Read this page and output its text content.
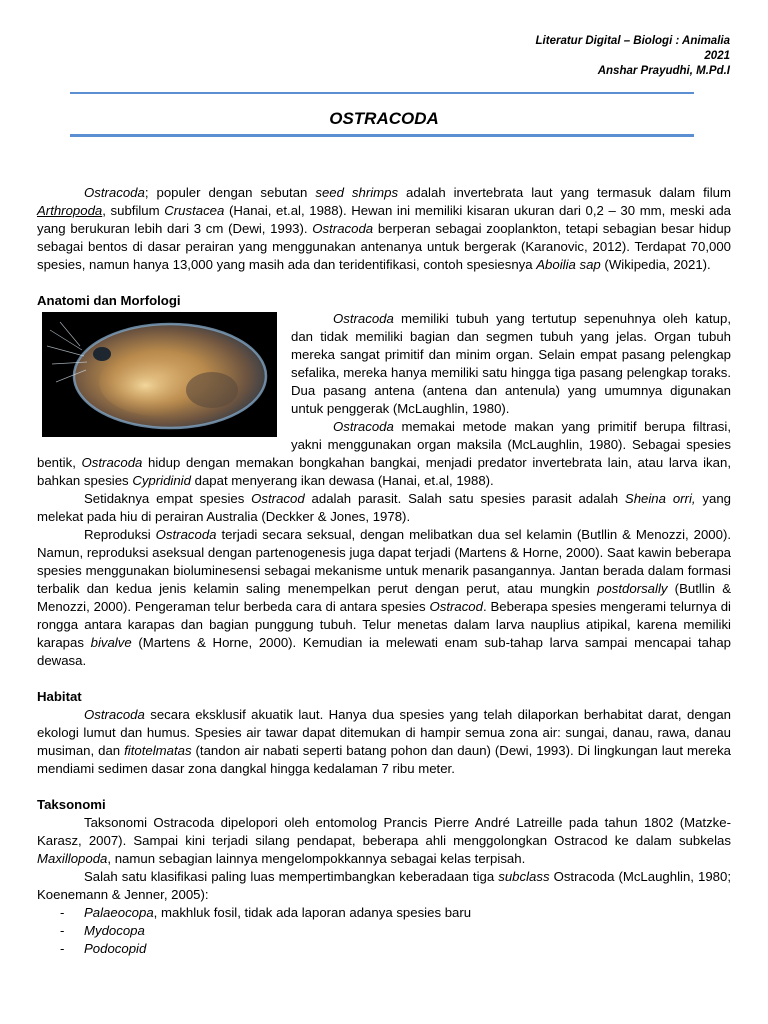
Literatur Digital – Biologi : Animalia
2021
Anshar Prayudhi, M.Pd.I
OSTRACODA

Ostracoda; populer dengan sebutan seed shrimps adalah invertebrata laut yang termasuk dalam filum Arthropoda, subfilum Crustacea (Hanai, et.al, 1988). Hewan ini memiliki kisaran ukuran dari 0,2 – 30 mm, meski ada yang berukuran lebih dari 3 cm (Dewi, 1993). Ostracoda berperan sebagai zooplankton, tetapi sebagian besar hidup sebagai bentos di dasar perairan yang menggunakan antenanya untuk bergerak (Karanovic, 2012). Terdapat 70,000 spesies, namun hanya 13,000 yang masih ada dan teridentifikasi, contoh spesiesnya Aboilia sap (Wikipedia, 2021).

Anatomi dan Morfologi

Ostracoda memiliki tubuh yang tertutup sepenuhnya oleh katup, dan tidak memiliki bagian dan segmen tubuh yang jelas. Organ tubuh mereka sangat primitif dan minim organ. Selain empat pasang pelengkap sefalika, mereka hanya memiliki satu hingga tiga pasang pelengkap toraks. Dua pasang antena (antena dan antenula) yang umumnya digunakan untuk penggerak (McLaughlin, 1980).

Ostracoda memakai metode makan yang primitif berupa filtrasi, yakni menggunakan organ maksila (McLaughlin, 1980). Sebagai spesies bentik, Ostracoda hidup dengan memakan bongkahan bangkai, menjadi predator invertebrata lain, atau larva ikan, bahkan spesies Cypridinid dapat menyerang ikan dewasa (Hanai, et.al, 1988).

Setidaknya empat spesies Ostracod adalah parasit. Salah satu spesies parasit adalah Sheina orri, yang melekat pada hiu di perairan Australia (Deckker & Jones, 1978).

Reproduksi Ostracoda terjadi secara seksual, dengan melibatkan dua sel kelamin (Butllin & Menozzi, 2000). Namun, reproduksi aseksual dengan partenogenesis juga dapat terjadi (Martens & Horne, 2000). Saat kawin beberapa spesies menggunakan bioluminesensi sebagai mekanisme untuk menarik pasangannya. Jantan berada dalam formasi terbalik dan kedua jenis kelamin saling menempelkan perut dengan perut, atau mungkin postdorsally (Butllin & Menozzi, 2000). Pengeraman telur berbeda cara di antara spesies Ostracod. Beberapa spesies mengerami telurnya di rongga antara karapas dan bagian punggung tubuh. Telur menetas dalam larva nauplius atipikal, karena memiliki karapas bivalve (Martens & Horne, 2000). Kemudian ia melewati enam sub-tahap larva sampai mencapai tahap dewasa.

Habitat

Ostracoda secara eksklusif akuatik laut. Hanya dua spesies yang telah dilaporkan berhabitat darat, dengan ekologi lumut dan humus. Spesies air tawar dapat ditemukan di hampir semua zona air: sungai, danau, rawa, danau musiman, dan fitotelmatas (tandon air nabati seperti batang pohon dan daun) (Dewi, 1993). Di lingkungan laut mereka mendiami sedimen dasar zona dangkal hingga kedalaman 7 ribu meter.

Taksonomi

Taksonomi Ostracoda dipelopori oleh entomolog Prancis Pierre André Latreille pada tahun 1802 (Matzke-Karasz, 2007). Sampai kini terjadi silang pendapat, beberapa ahli menggolongkan Ostracod ke dalam subkelas Maxillopoda, namun sebagian lainnya mengelompokkannya sebagai kelas terpisah.

Salah satu klasifikasi paling luas mempertimbangkan keberadaan tiga subclass Ostracoda (McLaughlin, 1980; Koenemann & Jenner, 2005):

- Palaeocopa, makhluk fosil, tidak ada laporan adanya spesies baru
- Mydocopa
- Podocopid
